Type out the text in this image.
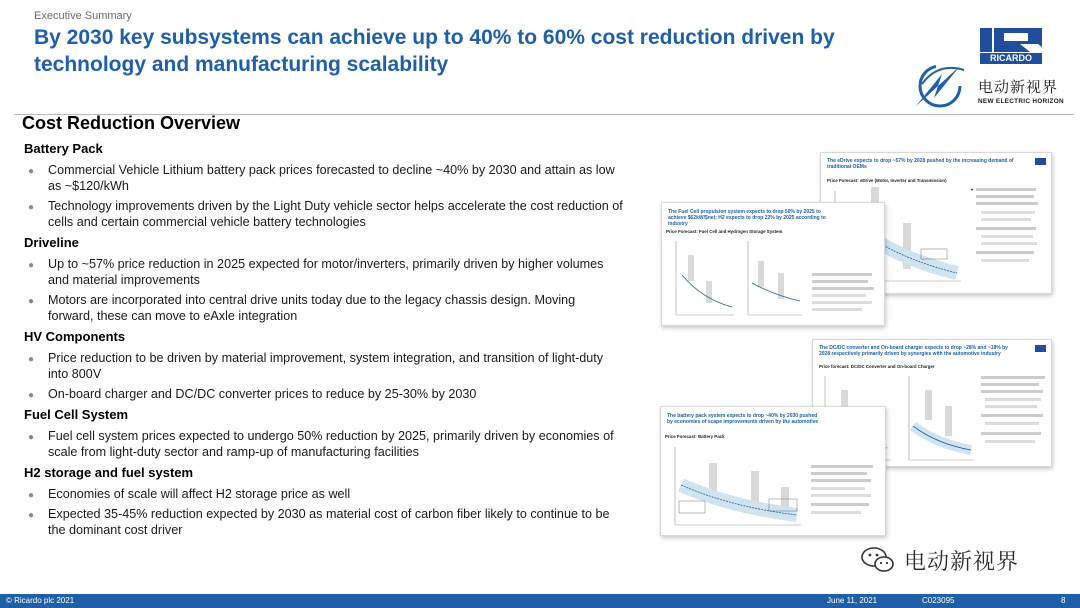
Executive Summary
By 2030 key subsystems can achieve up to 40% to 60% cost reduction driven by technology and manufacturing scalability	RICARDO
电动新视界
NEW ELECTRIC HORIZON
Cost Reduction Overview
Battery Pack
● Commercial Vehicle Lithium battery pack prices forecasted to decline ~40% by 2030 and attain as low as ~$120/kWh
● Technology improvements driven by the Light Duty vehicle sector helps accelerate the cost reduction of cells and certain commercial vehicle battery technologies
Driveline
● Up to ~57% price reduction in 2025 expected for motor/inverters, primarily driven by higher volumes and material improvements
● Motors are incorporated into central drive units today due to the legacy chassis design. Moving forward, these can move to eAxle integration
HV Components
● Price reduction to be driven by material improvement, system integration, and transition of light-duty into 800V
● On-board charger and DC/DC converter prices to reduce by 25-30% by 2030
Fuel Cell System
● Fuel cell system prices expected to undergo 50% reduction by 2025, primarily driven by economies of scale from light-duty sector and ramp-up of manufacturing facilities
H2 storage and fuel system
● Economies of scale will affect H2 storage price as well
● Expected 35-45% reduction expected by 2030 as material cost of carbon fiber likely to continue to be the dominant cost driver
The eDrive expects to drop ~57% by 2028 pushed by the increasing demand of traditional OEMs
Price Forecast: eDrive (Motor, Inverter and Transmission)
The Fuel Cell propulsion system expects to drop 50% by 2025 to achieve $62kW/$net; H2 expects to drop 22% by 2025 according to industry
Price Forecast: Fuel Cell and Hydrogen Storage System
The DC/DC converter and On-board charger expects to drop ~28% and ~18% by 2028 respectively primarily driven by synergies with the automotive industry
Price forecast: DC/DC Converter and On-board Charger
The battery pack system expects to drop ~40% by 2030 pushed by economies of scape improvements driven by the automotive
Price Forecast: Battery Pack
电动新视界
© Ricardo plc 2021	June 11, 2021	C023095	8
